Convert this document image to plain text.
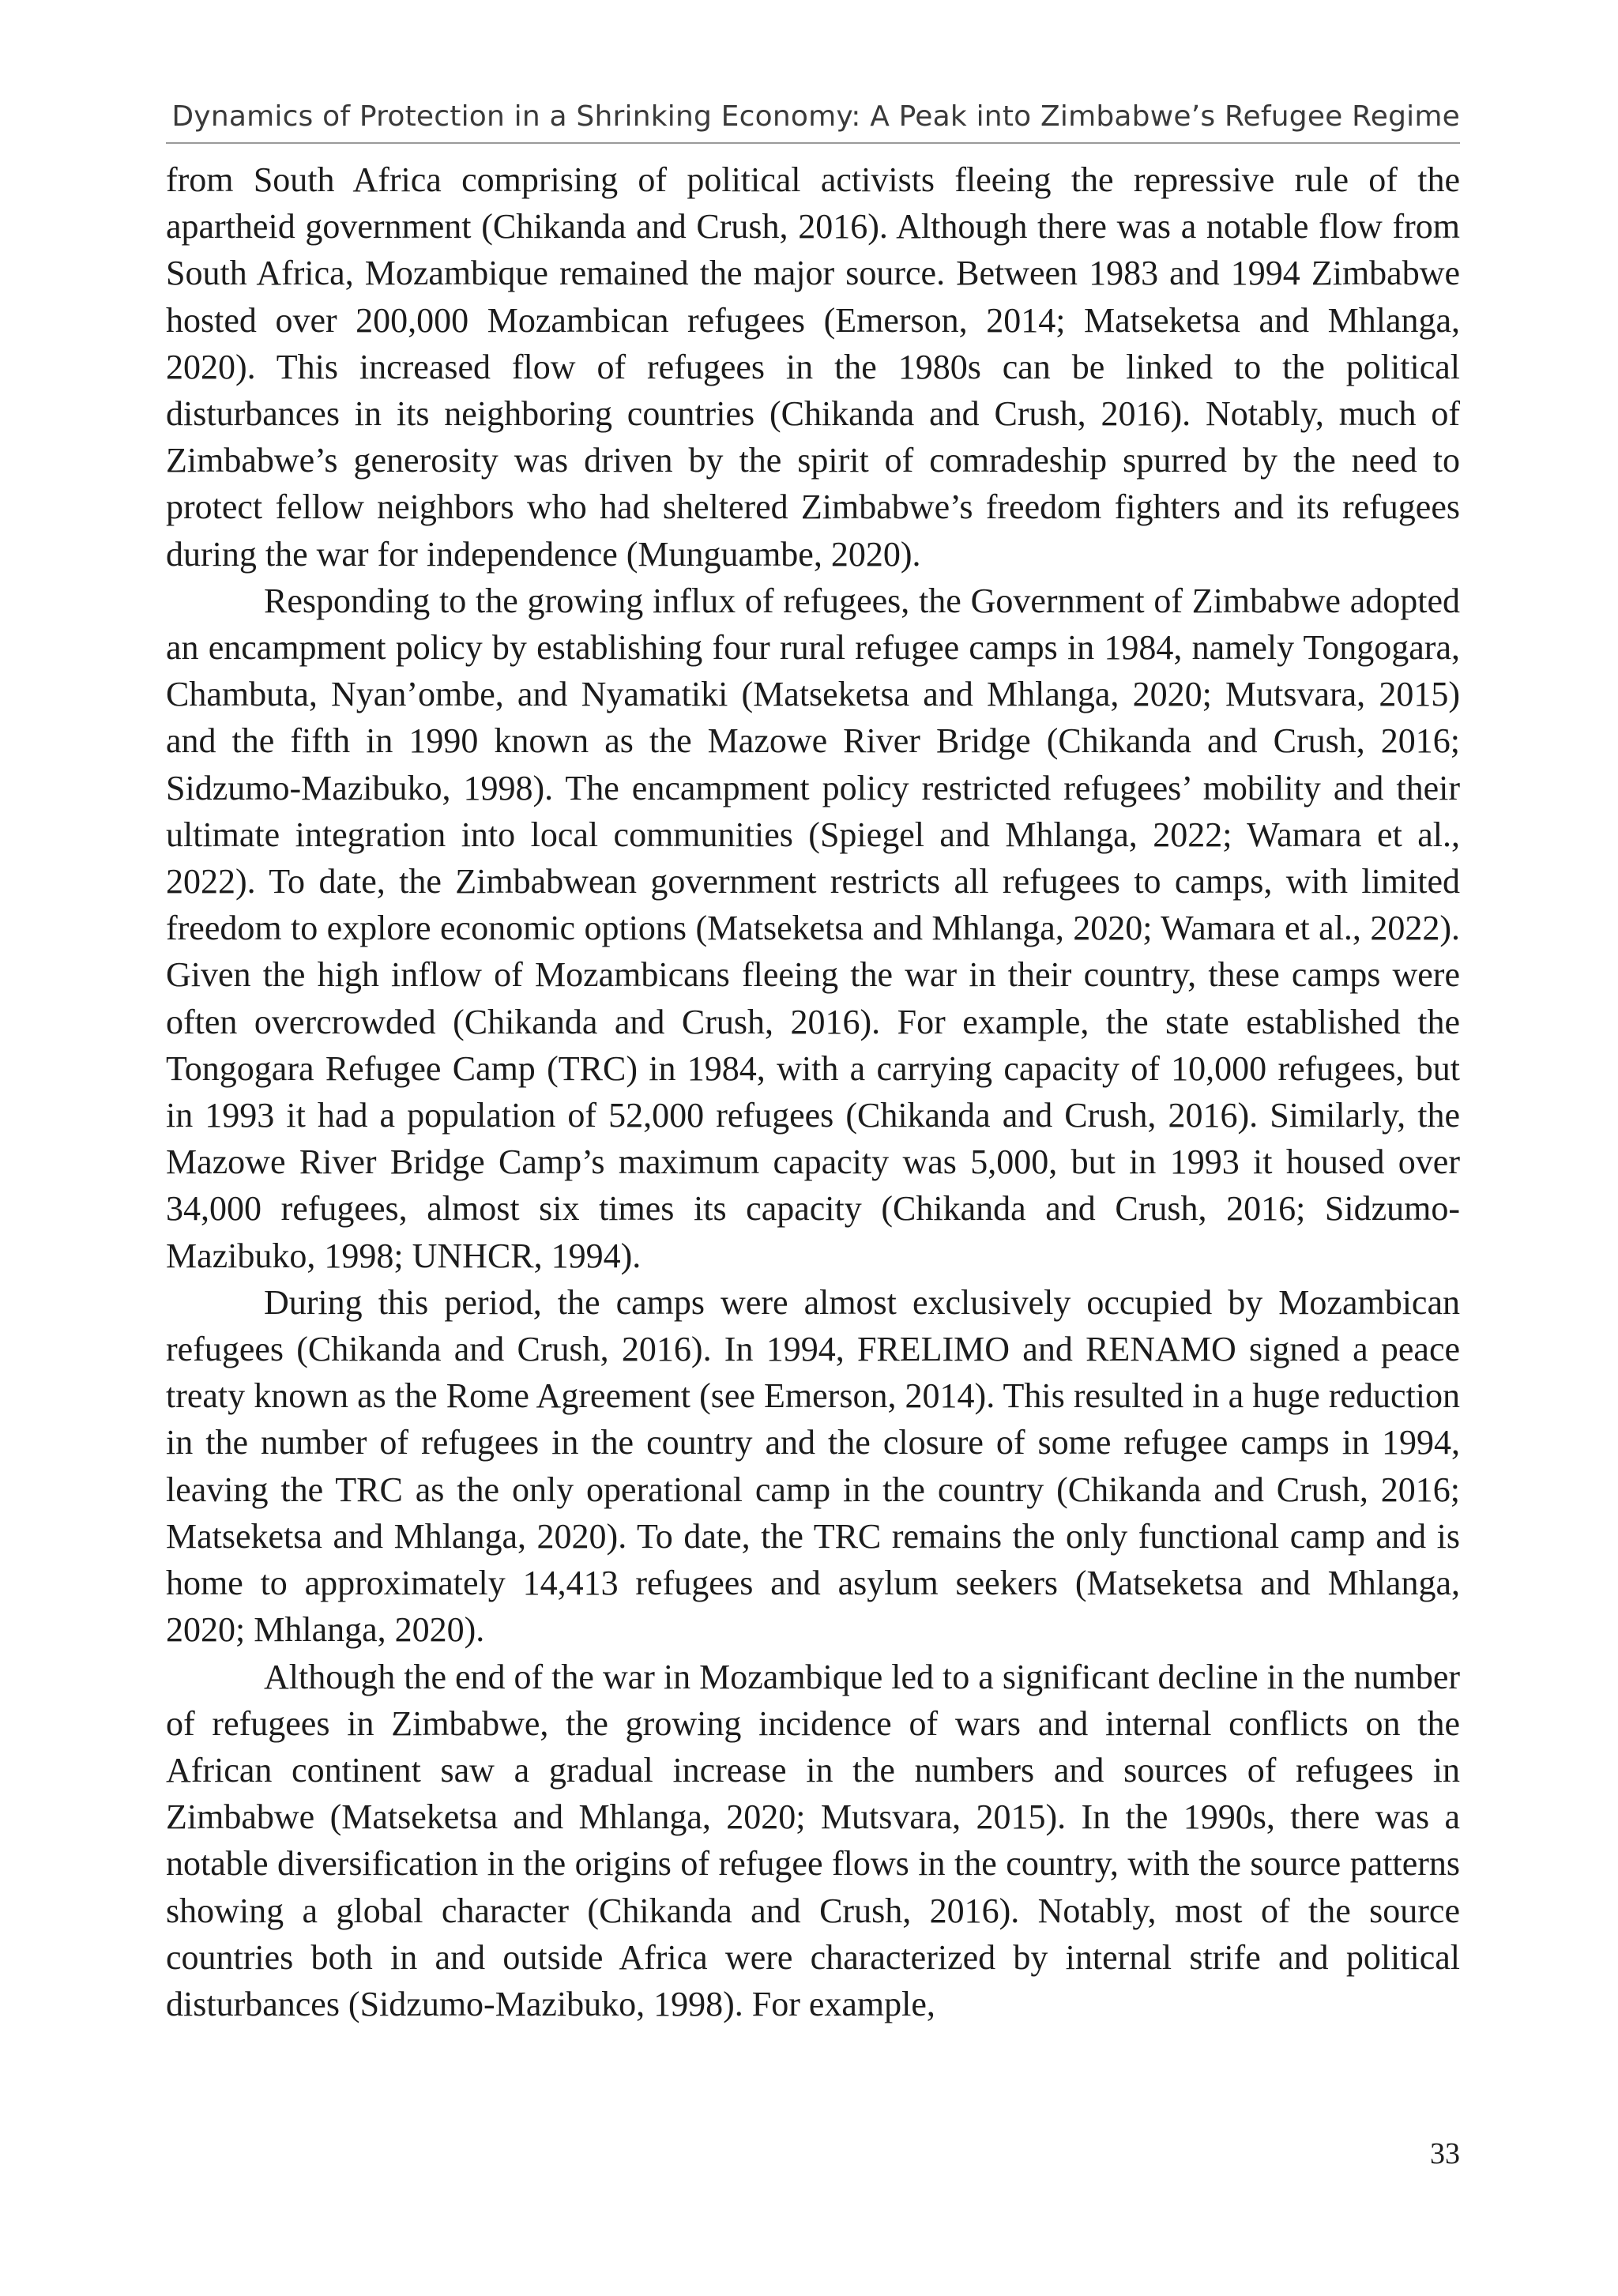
Dynamics of Protection in a Shrinking Economy: A Peak into Zimbabwe’s Refugee Regime

from South Africa comprising of political activists fleeing the repressive rule of the apartheid government (Chikanda and Crush, 2016). Although there was a notable flow from South Africa, Mozambique remained the major source. Between 1983 and 1994 Zimbabwe hosted over 200,000 Mozambican refugees (Emerson, 2014; Matseketsa and Mhlanga, 2020). This increased flow of refugees in the 1980s can be linked to the political disturbances in its neighboring countries (Chikanda and Crush, 2016). Notably, much of Zimbabwe’s generosity was driven by the spirit of comradeship spurred by the need to protect fellow neighbors who had sheltered Zimbabwe’s freedom fighters and its refugees during the war for independence (Munguambe, 2020).

Responding to the growing influx of refugees, the Government of Zimbabwe adopted an encampment policy by establishing four rural refugee camps in 1984, namely Tongogara, Chambuta, Nyan’ombe, and Nyamatiki (Matseketsa and Mhlanga, 2020; Mutsvara, 2015) and the fifth in 1990 known as the Mazowe River Bridge (Chikanda and Crush, 2016; Sidzumo-Mazibuko, 1998). The encampment policy restricted refugees’ mobility and their ultimate integration into local communities (Spiegel and Mhlanga, 2022; Wamara et al., 2022). To date, the Zimbabwean government restricts all refugees to camps, with limited freedom to explore economic options (Matseketsa and Mhlanga, 2020; Wamara et al., 2022). Given the high inflow of Mozambicans fleeing the war in their country, these camps were often overcrowded (Chikanda and Crush, 2016). For example, the state established the Tongogara Refugee Camp (TRC) in 1984, with a carrying capacity of 10,000 refugees, but in 1993 it had a population of 52,000 refugees (Chikanda and Crush, 2016). Similarly, the Mazowe River Bridge Camp’s maximum capacity was 5,000, but in 1993 it housed over 34,000 refugees, almost six times its capacity (Chikanda and Crush, 2016; Sidzumo-Mazibuko, 1998; UNHCR, 1994).

During this period, the camps were almost exclusively occupied by Mozambican refugees (Chikanda and Crush, 2016). In 1994, FRELIMO and RENAMO signed a peace treaty known as the Rome Agreement (see Emerson, 2014). This resulted in a huge reduction in the number of refugees in the country and the closure of some refugee camps in 1994, leaving the TRC as the only operational camp in the country (Chikanda and Crush, 2016; Matseketsa and Mhlanga, 2020). To date, the TRC remains the only functional camp and is home to approximately 14,413 refugees and asylum seekers (Matseketsa and Mhlanga, 2020; Mhlanga, 2020).

Although the end of the war in Mozambique led to a significant decline in the number of refugees in Zimbabwe, the growing incidence of wars and internal conflicts on the African continent saw a gradual increase in the numbers and sources of refugees in Zimbabwe (Matseketsa and Mhlanga, 2020; Mutsvara, 2015). In the 1990s, there was a notable diversification in the origins of refugee flows in the country, with the source patterns showing a global character (Chikanda and Crush, 2016). Notably, most of the source countries both in and outside Africa were characterized by internal strife and political disturbances (Sidzumo-Mazibuko, 1998). For example,

33
